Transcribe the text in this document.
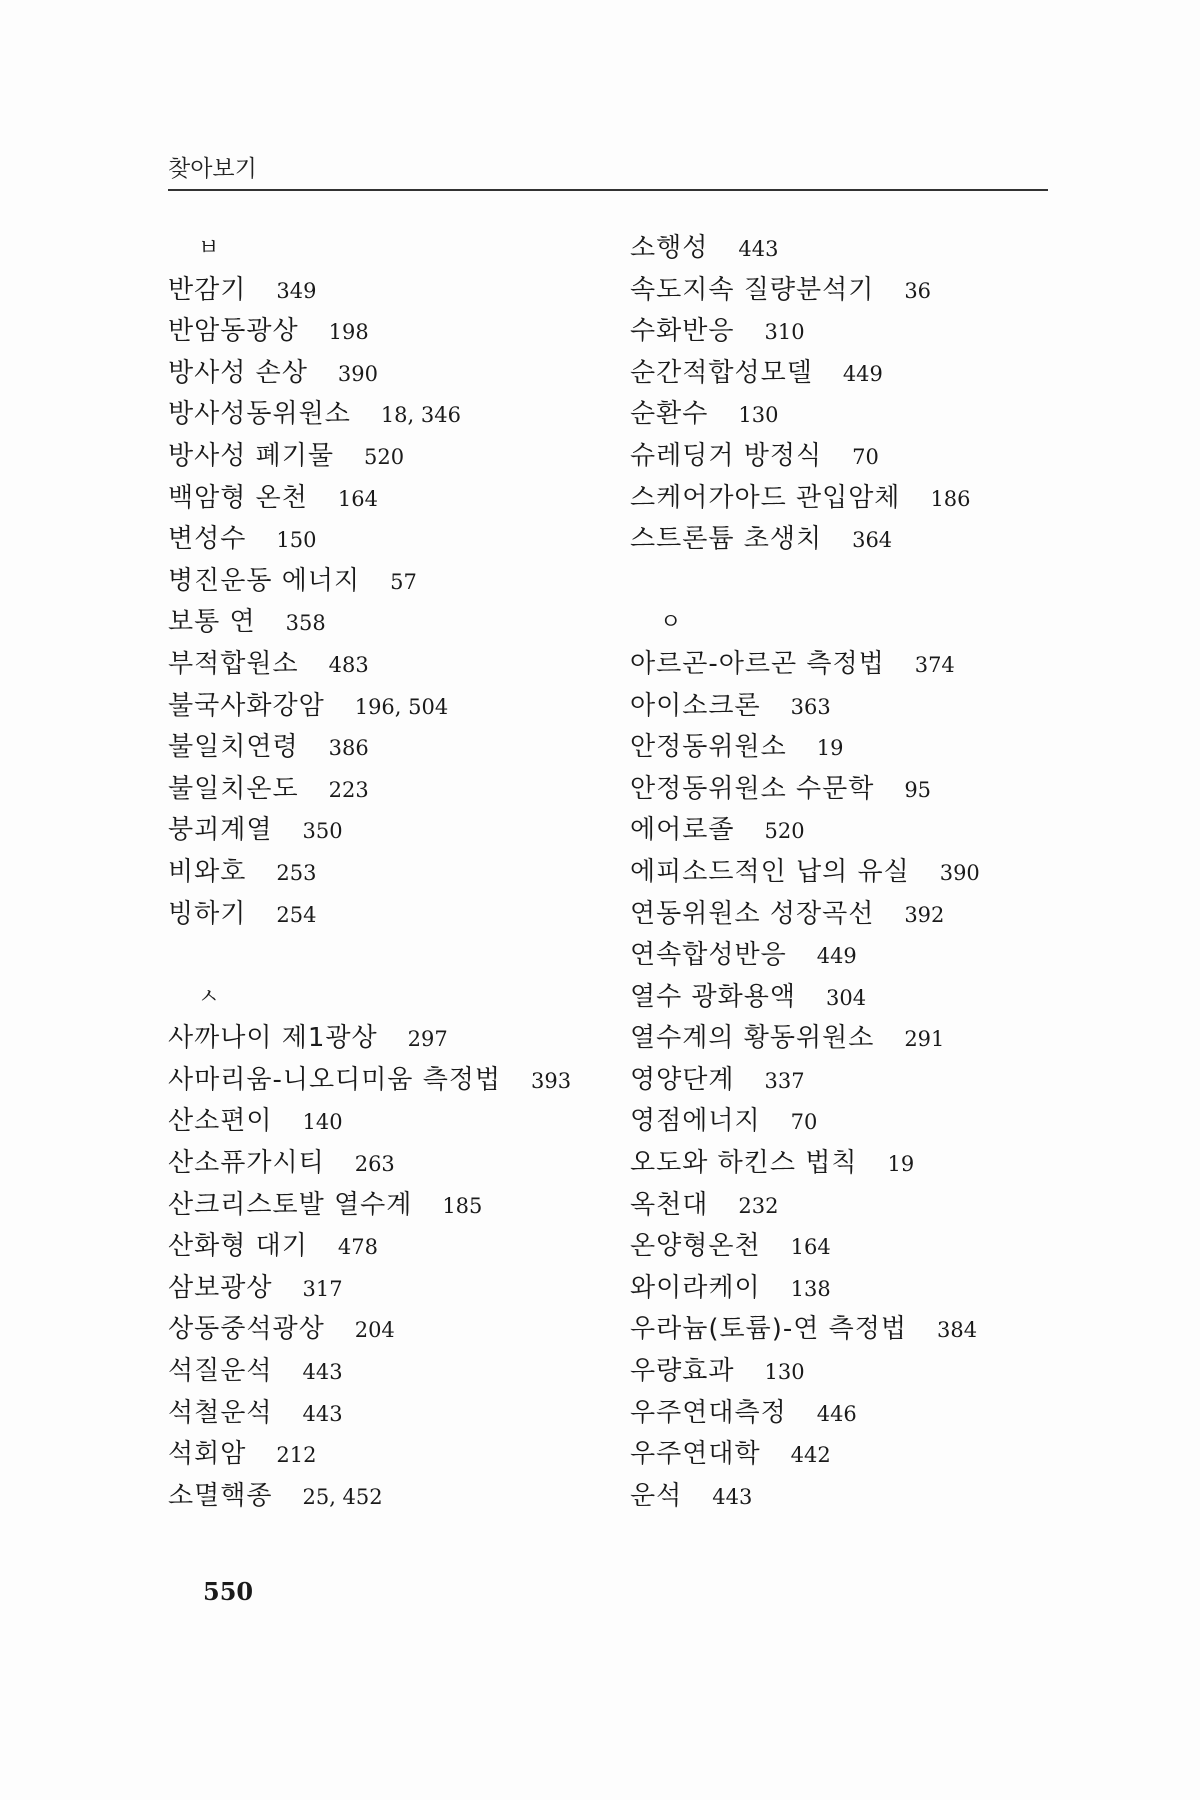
찾아보기
ㅂ
반감기 349
반암동광상 198
방사성 손상 390
방사성동위원소 18, 346
방사성 폐기물 520
백암형 온천 164
변성수 150
병진운동 에너지 57
보통 연 358
부적합원소 483
불국사화강암 196, 504
불일치연령 386
불일치온도 223
붕괴계열 350
비와호 253
빙하기 254
ㅅ
사까나이 제1광상 297
사마리움-니오디미움 측정법 393
산소편이 140
산소퓨가시티 263
산크리스토발 열수계 185
산화형 대기 478
삼보광상 317
상동중석광상 204
석질운석 443
석철운석 443
석회암 212
소멸핵종 25, 452
소행성 443
속도지속 질량분석기 36
수화반응 310
순간적합성모델 449
순환수 130
슈레딩거 방정식 70
스케어가아드 관입암체 186
스트론튬 초생치 364
ㅇ
아르곤-아르곤 측정법 374
아이소크론 363
안정동위원소 19
안정동위원소 수문학 95
에어로졸 520
에피소드적인 납의 유실 390
연동위원소 성장곡선 392
연속합성반응 449
열수 광화용액 304
열수계의 황동위원소 291
영양단계 337
영점에너지 70
오도와 하킨스 법칙 19
옥천대 232
온양형온천 164
와이라케이 138
우라늄(토륨)-연 측정법 384
우량효과 130
우주연대측정 446
우주연대학 442
운석 443
550
